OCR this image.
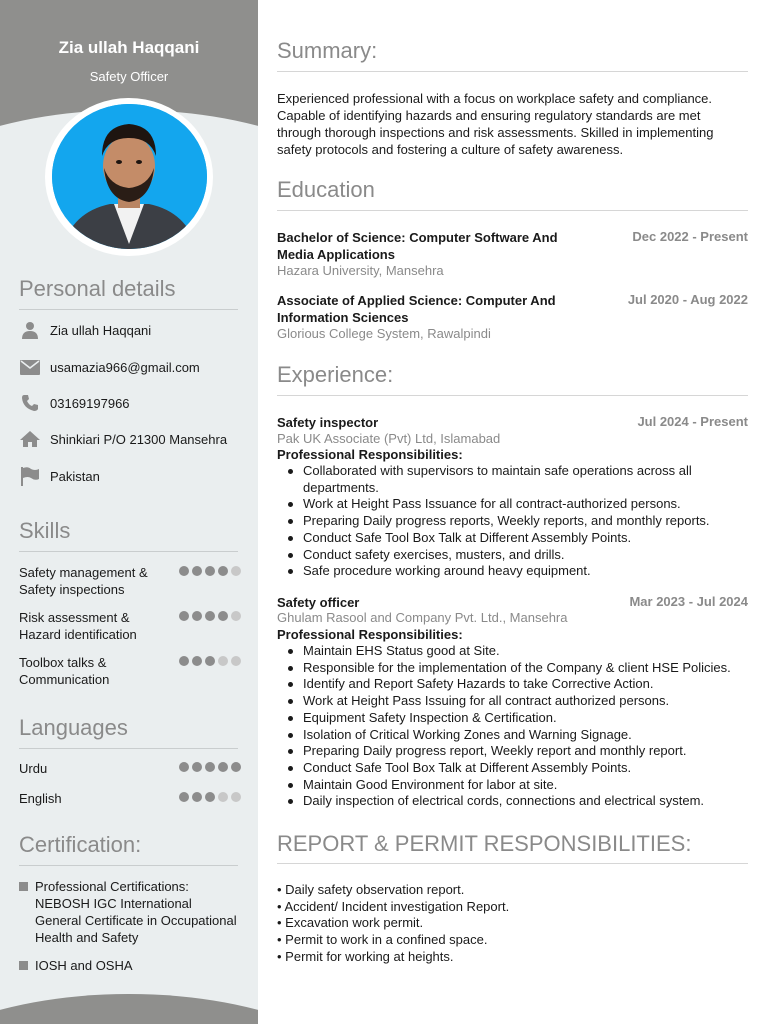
Zia ullah Haqqani
Safety Officer
Personal details
Zia ullah Haqqani
usamazia966@gmail.com
03169197966
Shinkiari P/O 21300 Mansehra
Pakistan
Skills
Safety management & Safety inspections
Risk assessment & Hazard identification
Toolbox talks & Communication
Languages
Urdu
English
Certification:
Professional Certifications: NEBOSH IGC International General Certificate in Occupational Health and Safety
IOSH and OSHA
Summary:
Experienced professional with a focus on workplace safety and compliance. Capable of identifying hazards and ensuring regulatory standards are met through thorough inspections and risk assessments. Skilled in implementing safety protocols and fostering a culture of safety awareness.
Education
Bachelor of Science: Computer Software And Media Applications
Dec 2022 - Present
Hazara University, Mansehra
Associate of Applied Science: Computer And Information Sciences
Jul 2020 - Aug 2022
Glorious College System, Rawalpindi
Experience:
Safety inspector	Jul 2024 - Present
Pak UK Associate (Pvt) Ltd, Islamabad
Professional Responsibilities:
Collaborated with supervisors to maintain safe operations across all departments.
Work at Height Pass Issuance for all contract-authorized persons.
Preparing Daily progress reports, Weekly reports, and monthly reports.
Conduct Safe Tool Box Talk at Different Assembly Points.
Conduct safety exercises, musters, and drills.
Safe procedure working around heavy equipment.
Safety officer	Mar 2023 - Jul 2024
Ghulam Rasool and Company Pvt. Ltd., Mansehra
Professional Responsibilities:
Maintain EHS Status good at Site.
Responsible for the implementation of the Company & client HSE Policies.
Identify and Report Safety Hazards to take Corrective Action.
Work at Height Pass Issuing for all contract authorized persons.
Equipment Safety Inspection & Certification.
Isolation of Critical Working Zones and Warning Signage.
Preparing Daily progress report, Weekly report and monthly report.
Conduct Safe Tool Box Talk at Different Assembly Points.
Maintain Good Environment for labor at site.
Daily inspection of electrical cords, connections and electrical system.
REPORT & PERMIT RESPONSIBILITIES:
• Daily safety observation report.
• Accident/ Incident investigation Report.
• Excavation work permit.
• Permit to work in a confined space.
• Permit for working at heights.
